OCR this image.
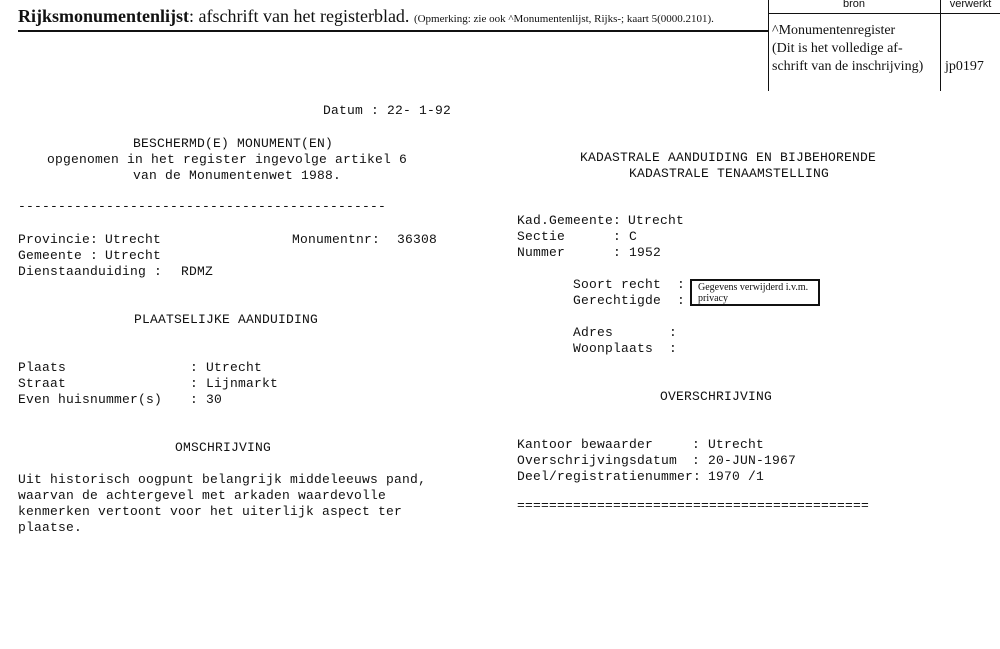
Rijksmonumentenlijst: afschrift van het registerblad. (Opmerking: zie ook ^Monumentenlijst, Rijks-; kaart 5(0000.2101).
bron	verwerkt
^Monumentenregister
(Dit is het volledige af-
schrift van de inschrijving)	jp0197
Datum : 22- 1-92
BESCHERMD(E) MONUMENT(EN)
opgenomen in het register ingevolge artikel 6
van de Monumentenwet 1988.
----------------------------------------------
Provincie: Utrecht	Monumentnr: 36308
Gemeente : Utrecht
Dienstaanduiding : RDMZ
PLAATSELIJKE AANDUIDING
Plaats	: Utrecht
Straat	: Lijnmarkt
Even huisnummer(s) : 30
OMSCHRIJVING
Uit historisch oogpunt belangrijk middeleeuws pand,
waarvan de achtergevel met arkaden waardevolle
kenmerken vertoont voor het uiterlijk aspect ter
plaatse.
KADASTRALE AANDUIDING EN BIJBEHORENDE
KADASTRALE TENAAMSTELLING
Kad.Gemeente: Utrecht
Sectie	: C
Nummer	: 1952
Soort recht  :
Gerechtigde  :
Gegevens verwijderd i.v.m. privacy
Adres	:
Woonplaats :
OVERSCHRIJVING
Kantoor bewaarder	: Utrecht
Overschrijvingsdatum : 20-JUN-1967
Deel/registratienummer: 1970 /1
============================================
